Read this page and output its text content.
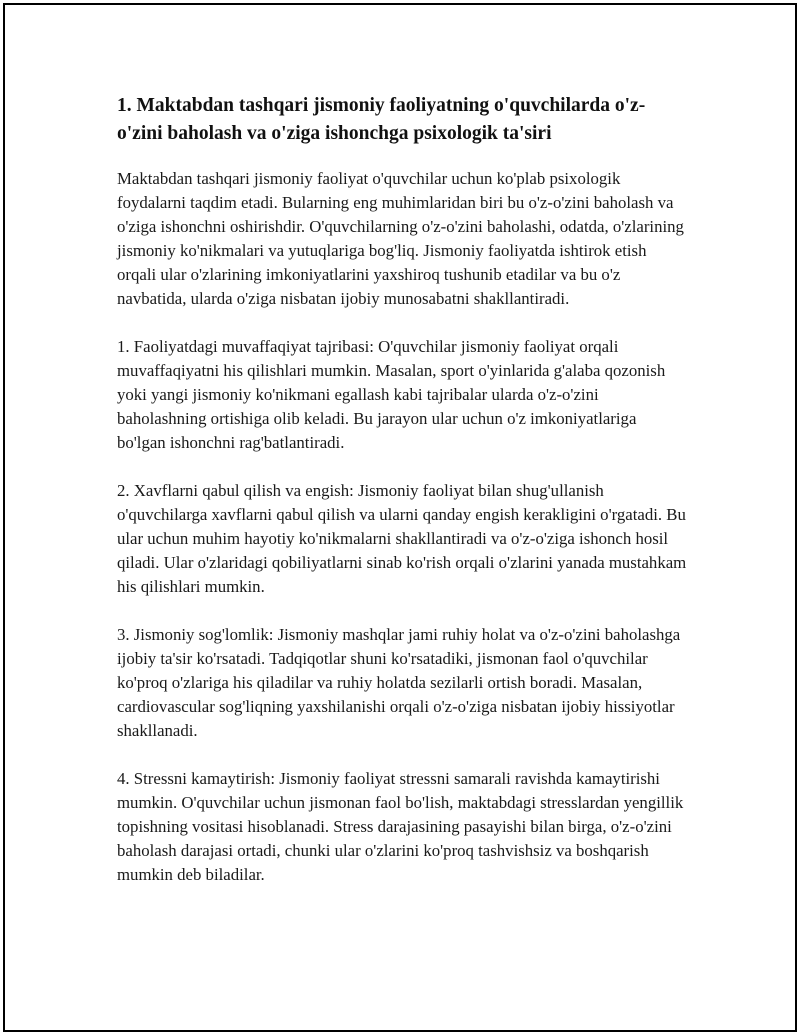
1. Maktabdan tashqari jismoniy faoliyatning o'quvchilarda o'z-o'zini baholash va o'ziga ishonchga psixologik ta'siri

Maktabdan tashqari jismoniy faoliyat o'quvchilar uchun ko'plab psixologik foydalarni taqdim etadi. Bularning eng muhimlaridan biri bu o'z-o'zini baholash va o'ziga ishonchni oshirishdir. O'quvchilarning o'z-o'zini baholashi, odatda, o'zlarining jismoniy ko'nikmalari va yutuqlariga bog'liq. Jismoniy faoliyatda ishtirok etish orqali ular o'zlarining imkoniyatlarini yaxshiroq tushunib etadilar va bu o'z navbatida, ularda o'ziga nisbatan ijobiy munosabatni shakllantiradi.

1. Faoliyatdagi muvaffaqiyat tajribasi: O'quvchilar jismoniy faoliyat orqali muvaffaqiyatni his qilishlari mumkin. Masalan, sport o'yinlarida g'alaba qozonish yoki yangi jismoniy ko'nikmani egallash kabi tajribalar ularda o'z-o'zini baholashning ortishiga olib keladi. Bu jarayon ular uchun o'z imkoniyatlariga bo'lgan ishonchni rag'batlantiradi.

2. Xavflarni qabul qilish va engish: Jismoniy faoliyat bilan shug'ullanish o'quvchilarga xavflarni qabul qilish va ularni qanday engish kerakligini o'rgatadi. Bu ular uchun muhim hayotiy ko'nikmalarni shakllantiradi va o'z-o'ziga ishonch hosil qiladi. Ular o'zlaridagi qobiliyatlarni sinab ko'rish orqali o'zlarini yanada mustahkam his qilishlari mumkin.

3. Jismoniy sog'lomlik: Jismoniy mashqlar jami ruhiy holat va o'z-o'zini baholashga ijobiy ta'sir ko'rsatadi. Tadqiqotlar shuni ko'rsatadiki, jismonan faol o'quvchilar ko'proq o'zlariga his qiladilar va ruhiy holatda sezilarli ortish boradi. Masalan, cardiovascular sog'liqning yaxshilanishi orqali o'z-o'ziga nisbatan ijobiy hissiyotlar shakllanadi.

4. Stressni kamaytirish: Jismoniy faoliyat stressni samarali ravishda kamaytirishi mumkin. O'quvchilar uchun jismonan faol bo'lish, maktabdagi stresslardan yengillik topishning vositasi hisoblanadi. Stress darajasining pasayishi bilan birga, o'z-o'zini baholash darajasi ortadi, chunki ular o'zlarini ko'proq tashvishsiz va boshqarish mumkin deb biladilar.
